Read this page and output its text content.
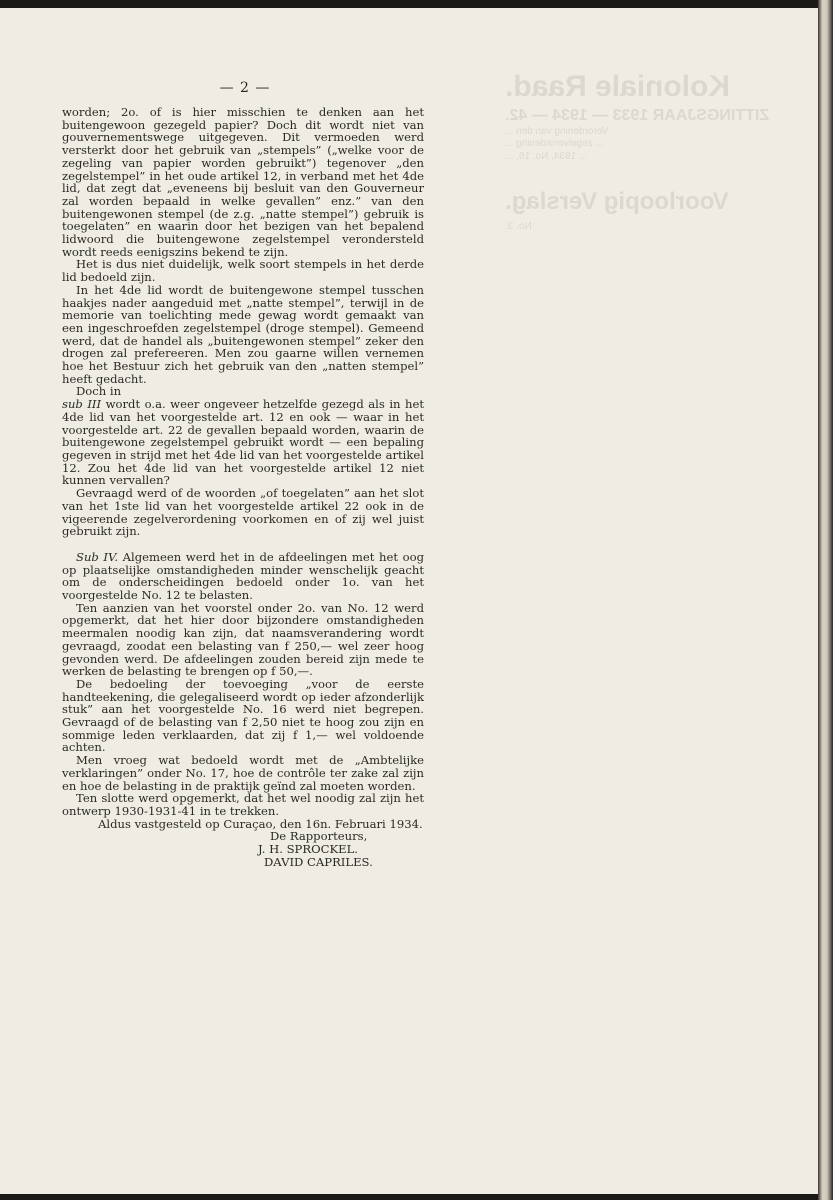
Koloniale Raad.
ZITTINGSJAAR 1933 — 1934 — 42.
Verordening van den ...
... zegelverordening ...
... 1934, No. 16, ...
Voorloopig Verslag.
No. 3.
— 2 —

worden; 2o. of is hier misschien te denken aan het buitengewoon gezegeld papier? Doch dit wordt niet van gouvernementswege uitgegeven. Dit vermoeden werd versterkt door het gebruik van „stempels” („welke voor de zegeling van papier worden gebruikt”) tegenover „den zegelstempel” in het oude artikel 12, in verband met het 4de lid, dat zegt dat „eveneens bij besluit van den Gouverneur zal worden bepaald in welke gevallen” enz.” van den buitengewonen stempel (de z.g. „natte stempel”) gebruik is toegelaten” en waarin door het bezigen van het bepalend lidwoord die buitengewone zegelstempel verondersteld wordt reeds eenigszins bekend te zijn.

Het is dus niet duidelijk, welk soort stempels in het derde lid bedoeld zijn.

In het 4de lid wordt de buitengewone stempel tusschen haakjes nader aangeduid met „natte stempel”, terwijl in de memorie van toelichting mede gewag wordt gemaakt van een ingeschroefden zegelstempel (droge stempel). Gemeend werd, dat de handel als „buitengewonen stempel” zeker den drogen zal prefereeren. Men zou gaarne willen vernemen hoe het Bestuur zich het gebruik van den „natten stempel” heeft gedacht.

Doch in

sub III wordt o.a. weer ongeveer hetzelfde gezegd als in het 4de lid van het voorgestelde art. 12 en ook — waar in het voorgestelde art. 22 de gevallen bepaald worden, waarin de buitengewone zegelstempel gebruikt wordt — een bepaling gegeven in strijd met het 4de lid van het voorgestelde artikel 12. Zou het 4de lid van het voorgestelde artikel 12 niet kunnen vervallen?

Gevraagd werd of de woorden „of toegelaten” aan het slot van het 1ste lid van het voorgestelde artikel 22 ook in de vigeerende zegelverordening voorkomen en of zij wel juist gebruikt zijn.

Sub IV. Algemeen werd het in de afdeelingen met het oog op plaatselijke omstandigheden minder wenschelijk geacht om de onderscheidingen bedoeld onder 1o. van het voorgestelde No. 12 te belasten.

Ten aanzien van het voorstel onder 2o. van No. 12 werd opgemerkt, dat het hier door bijzondere omstandigheden meermalen noodig kan zijn, dat naamsverandering wordt gevraagd, zoodat een belasting van f 250,— wel zeer hoog gevonden werd. De afdeelingen zouden bereid zijn mede te werken de belasting te brengen op f 50,—.

De bedoeling der toevoeging „voor de eerste handteekening, die gelegaliseerd wordt op ieder afzonderlijk stuk” aan het voorgestelde No. 16 werd niet begrepen. Gevraagd of de belasting van f 2,50 niet te hoog zou zijn en sommige leden verklaarden, dat zij f 1,— wel voldoende achten.

Men vroeg wat bedoeld wordt met de „Ambtelijke verklaringen” onder No. 17, hoe de contrôle ter zake zal zijn en hoe de belasting in de praktijk geïnd zal moeten worden.

Ten slotte werd opgemerkt, dat het wel noodig zal zijn het ontwerp 1930-1931-41 in te trekken.

Aldus vastgesteld op Curaçao, den 16n. Februari 1934.

De Rapporteurs,

J. H. SPROCKEL.

DAVID CAPRILES.
